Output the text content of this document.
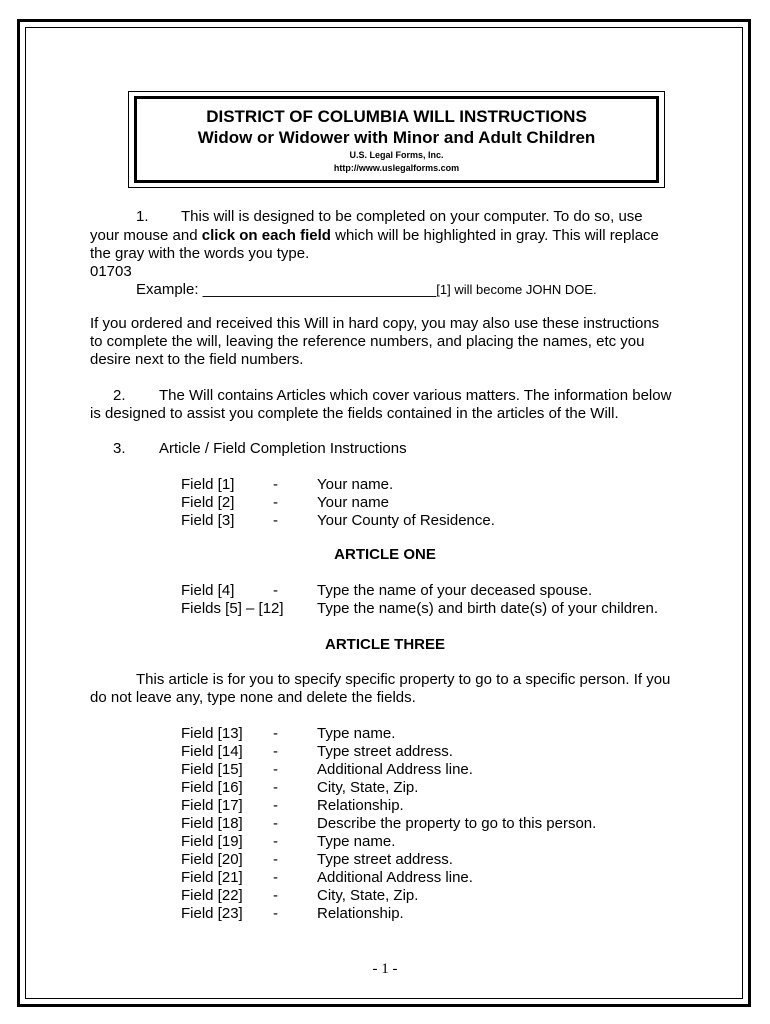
DISTRICT OF COLUMBIA WILL INSTRUCTIONS
Widow or Widower with Minor and Adult Children
U.S. Legal Forms, Inc.
http://www.uslegalforms.com
1. This will is designed to be completed on your computer. To do so, use
your mouse and click on each field which will be highlighted in gray. This will replace
the gray with the words you type.
01703
Example: ____________________________[1] will become JOHN DOE.
If you ordered and received this Will in hard copy, you may also use these instructions
to complete the will, leaving the reference numbers, and placing the names, etc you
desire next to the field numbers.
2. The Will contains Articles which cover various matters. The information below
is designed to assist you complete the fields contained in the articles of the Will.
3. Article / Field Completion Instructions
Field [1]	-	Your name.
Field [2]	-	Your name
Field [3]	-	Your County of Residence.
ARTICLE ONE
Field [4]	-	Type the name of your deceased spouse.
Fields [5] – [12] Type the name(s) and birth date(s) of your children.
ARTICLE THREE
This article is for you to specify specific property to go to a specific person. If you
do not leave any, type none and delete the fields.
Field [13] -	Type name.
Field [14] -	Type street address.
Field [15] -	Additional Address line.
Field [16] -	City, State, Zip.
Field [17] -	Relationship.
Field [18] -	Describe the property to go to this person.
Field [19] -	Type name.
Field [20] -	Type street address.
Field [21] -	Additional Address line.
Field [22] -	City, State, Zip.
Field [23] -	Relationship.
- 1 -
